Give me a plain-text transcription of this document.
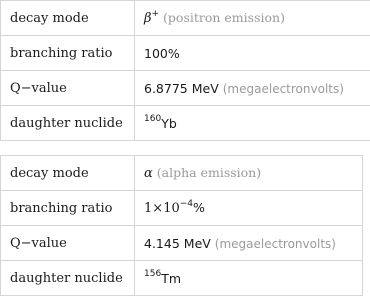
decay mode	β+ (positron emission)
branching ratio	100%
Q−value	6.8775 MeV (megaelectronvolts)
daughter nuclide	$^{160}$Yb
decay mode	α (alpha emission)
branching ratio	$1\times 10^{-4}\%$
Q−value	4.145 MeV (megaelectronvolts)
daughter nuclide	$^{156}$Tm
